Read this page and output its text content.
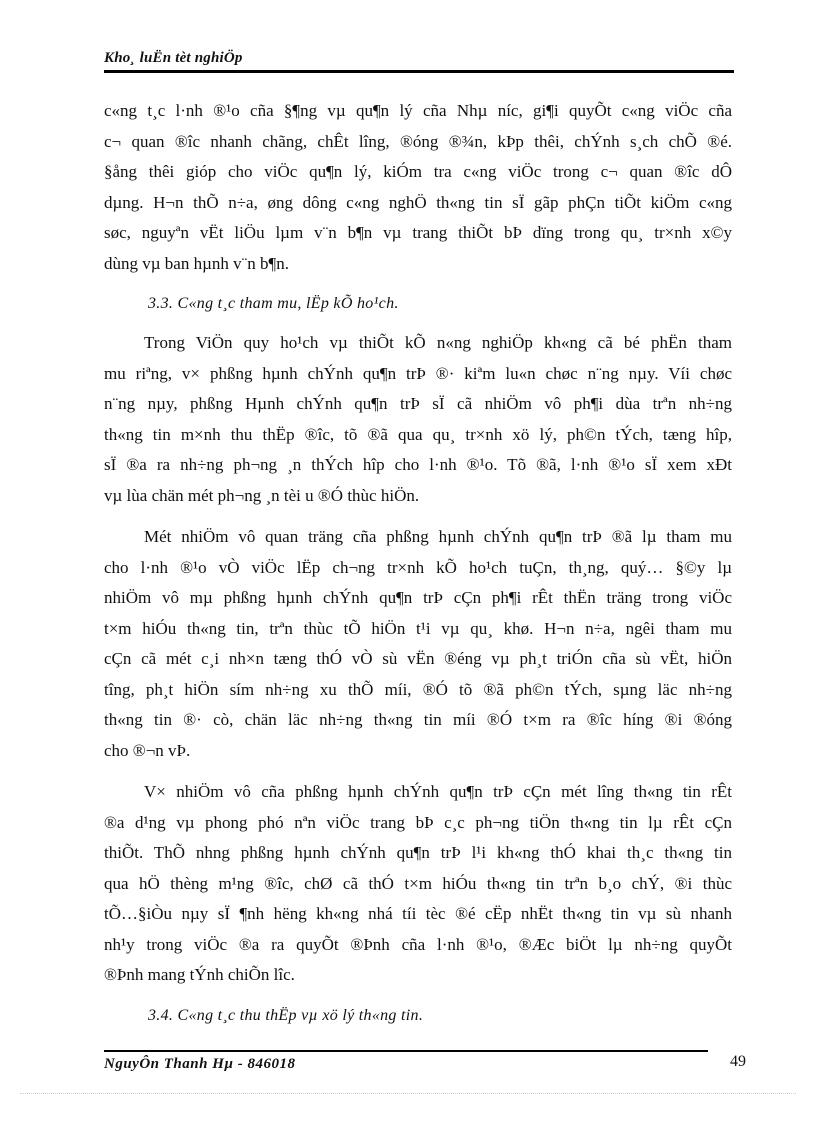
Kho¸ luËn tèt nghiÖp
c«ng t¸c l·nh ®¹o cña §¶ng vµ qu¶n lý cña Nhµ níc, gi¶i quyÕt c«ng viÖc cña
c¬ quan ®îc nhanh chãng, chÊt lîng, ®óng ®¾n, kÞp thêi, chÝnh s¸ch chÕ ®é.
§ång thêi gióp cho viÖc qu¶n lý, kiÓm tra c«ng viÖc trong c¬ quan ®îc dÔ
dµng. H¬n thÕ n÷a, øng dông c«ng nghÖ th«ng tin sÏ gãp phÇn tiÕt kiÖm c«ng
søc, nguyªn vËt liÖu lµm v¨n b¶n vµ trang thiÕt bÞ dïng trong qu¸ tr×nh x©y
dùng vµ ban hµnh v¨n b¶n.
3.3. C«ng t¸c tham mu, lËp kÕ ho¹ch.
Trong ViÖn quy ho¹ch vµ thiÕt kÕ n«ng nghiÖp kh«ng cã bé phËn tham
mu riªng, v× phßng hµnh chÝnh qu¶n trÞ ®· kiªm lu«n chøc n¨ng nµy. Víi chøc
n¨ng nµy, phßng Hµnh chÝnh qu¶n trÞ sÏ cã nhiÖm vô ph¶i dùa trªn nh÷ng
th«ng tin m×nh thu thËp ®îc, tõ ®ã qua qu¸ tr×nh xö lý, ph©n tÝch, tæng hîp,
sÏ ®a ra nh÷ng ph¬ng ¸n thÝch hîp cho l·nh ®¹o. Tõ ®ã, l·nh ®¹o sÏ xem xÐt
vµ lùa chän mét ph¬ng ¸n tèi u ®Ó thùc hiÖn.
Mét nhiÖm vô quan träng cña phßng hµnh chÝnh qu¶n trÞ ®ã lµ tham mu
cho l·nh ®¹o vÒ viÖc lËp ch¬ng tr×nh kÕ ho¹ch tuÇn, th¸ng, quý… §©y lµ
nhiÖm vô mµ phßng hµnh chÝnh qu¶n trÞ cÇn ph¶i rÊt thËn träng trong viÖc
t×m hiÓu th«ng tin, trªn thùc tÕ hiÖn t¹i vµ qu¸ khø. H¬n n÷a, ngêi tham mu
cÇn cã mét c¸i nh×n tæng thÓ vÒ sù vËn ®éng vµ ph¸t triÓn cña sù vËt, hiÖn
tîng, ph¸t hiÖn sím nh÷ng xu thÕ míi, ®Ó tõ ®ã ph©n tÝch, sµng läc nh÷ng
th«ng tin ®· cò, chän läc nh÷ng th«ng tin míi ®Ó t×m ra ®îc híng ®i ®óng
cho ®¬n vÞ.
V× nhiÖm vô cña phßng hµnh chÝnh qu¶n trÞ cÇn mét lîng th«ng tin rÊt
®a d¹ng vµ phong phó nªn viÖc trang bÞ c¸c ph¬ng tiÖn th«ng tin lµ rÊt cÇn
thiÕt. ThÕ nhng phßng hµnh chÝnh qu¶n trÞ l¹i kh«ng thÓ khai th¸c th«ng tin
qua hÖ thèng m¹ng ®îc, chØ cã thÓ t×m hiÓu th«ng tin trªn b¸o chÝ, ®i thùc
tÕ…§iÒu nµy sÏ ¶nh hëng kh«ng nhá tíi tèc ®é cËp nhËt th«ng tin vµ sù nhanh
nh¹y trong viÖc ®a ra quyÕt ®Þnh cña l·nh ®¹o, ®Æc biÖt lµ nh÷ng quyÕt
®Þnh mang tÝnh chiÕn lîc.
3.4. C«ng t¸c thu thËp vµ xö lý th«ng tin.
NguyÔn Thanh Hµ - 846018	49
